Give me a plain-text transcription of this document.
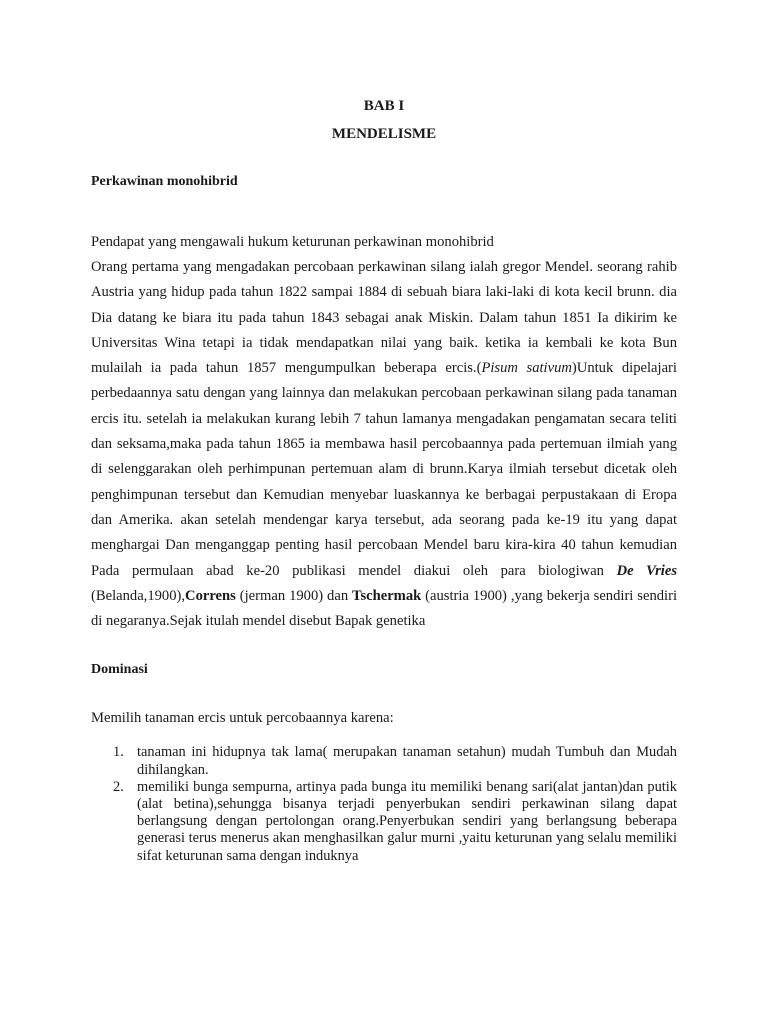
BAB I

MENDELISME

Perkawinan monohibrid

Pendapat yang mengawali hukum keturunan perkawinan monohibrid

Orang pertama yang mengadakan percobaan perkawinan silang ialah gregor Mendel. seorang rahib Austria yang hidup pada tahun 1822 sampai 1884 di sebuah biara laki-laki di kota kecil brunn. dia Dia datang ke biara itu pada tahun 1843 sebagai anak Miskin. Dalam tahun 1851 Ia dikirim ke Universitas Wina tetapi ia tidak mendapatkan nilai yang baik. ketika ia kembali ke kota Bun mulailah ia pada tahun 1857 mengumpulkan beberapa ercis.(Pisum sativum)Untuk dipelajari perbedaannya satu dengan yang lainnya dan melakukan percobaan perkawinan silang pada tanaman ercis itu. setelah ia melakukan kurang lebih 7 tahun lamanya mengadakan pengamatan secara teliti dan seksama,maka pada tahun 1865 ia membawa hasil percobaannya pada pertemuan ilmiah yang di selenggarakan oleh perhimpunan pertemuan alam di brunn.Karya ilmiah tersebut dicetak oleh penghimpunan tersebut dan Kemudian menyebar luaskannya ke berbagai perpustakaan di Eropa dan Amerika. akan setelah mendengar karya tersebut, ada seorang pada ke-19 itu yang dapat menghargai Dan menganggap penting hasil percobaan Mendel baru kira-kira 40 tahun kemudian Pada permulaan abad ke-20 publikasi mendel diakui oleh para biologiwan De Vries (Belanda,1900),Correns (jerman 1900) dan Tschermak (austria 1900) ,yang bekerja sendiri sendiri di negaranya.Sejak itulah mendel disebut Bapak genetika

Dominasi

Memilih tanaman ercis untuk percobaannya karena:

1. tanaman ini hidupnya tak lama( merupakan tanaman setahun) mudah Tumbuh dan Mudah dihilangkan.
2. memiliki bunga sempurna, artinya pada bunga itu memiliki benang sari(alat jantan)dan putik (alat betina),sehungga bisanya terjadi penyerbukan sendiri perkawinan silang dapat berlangsung dengan pertolongan orang.Penyerbukan sendiri yang berlangsung beberapa generasi terus menerus akan menghasilkan galur murni ,yaitu keturunan yang selalu memiliki sifat keturunan sama dengan induknya
